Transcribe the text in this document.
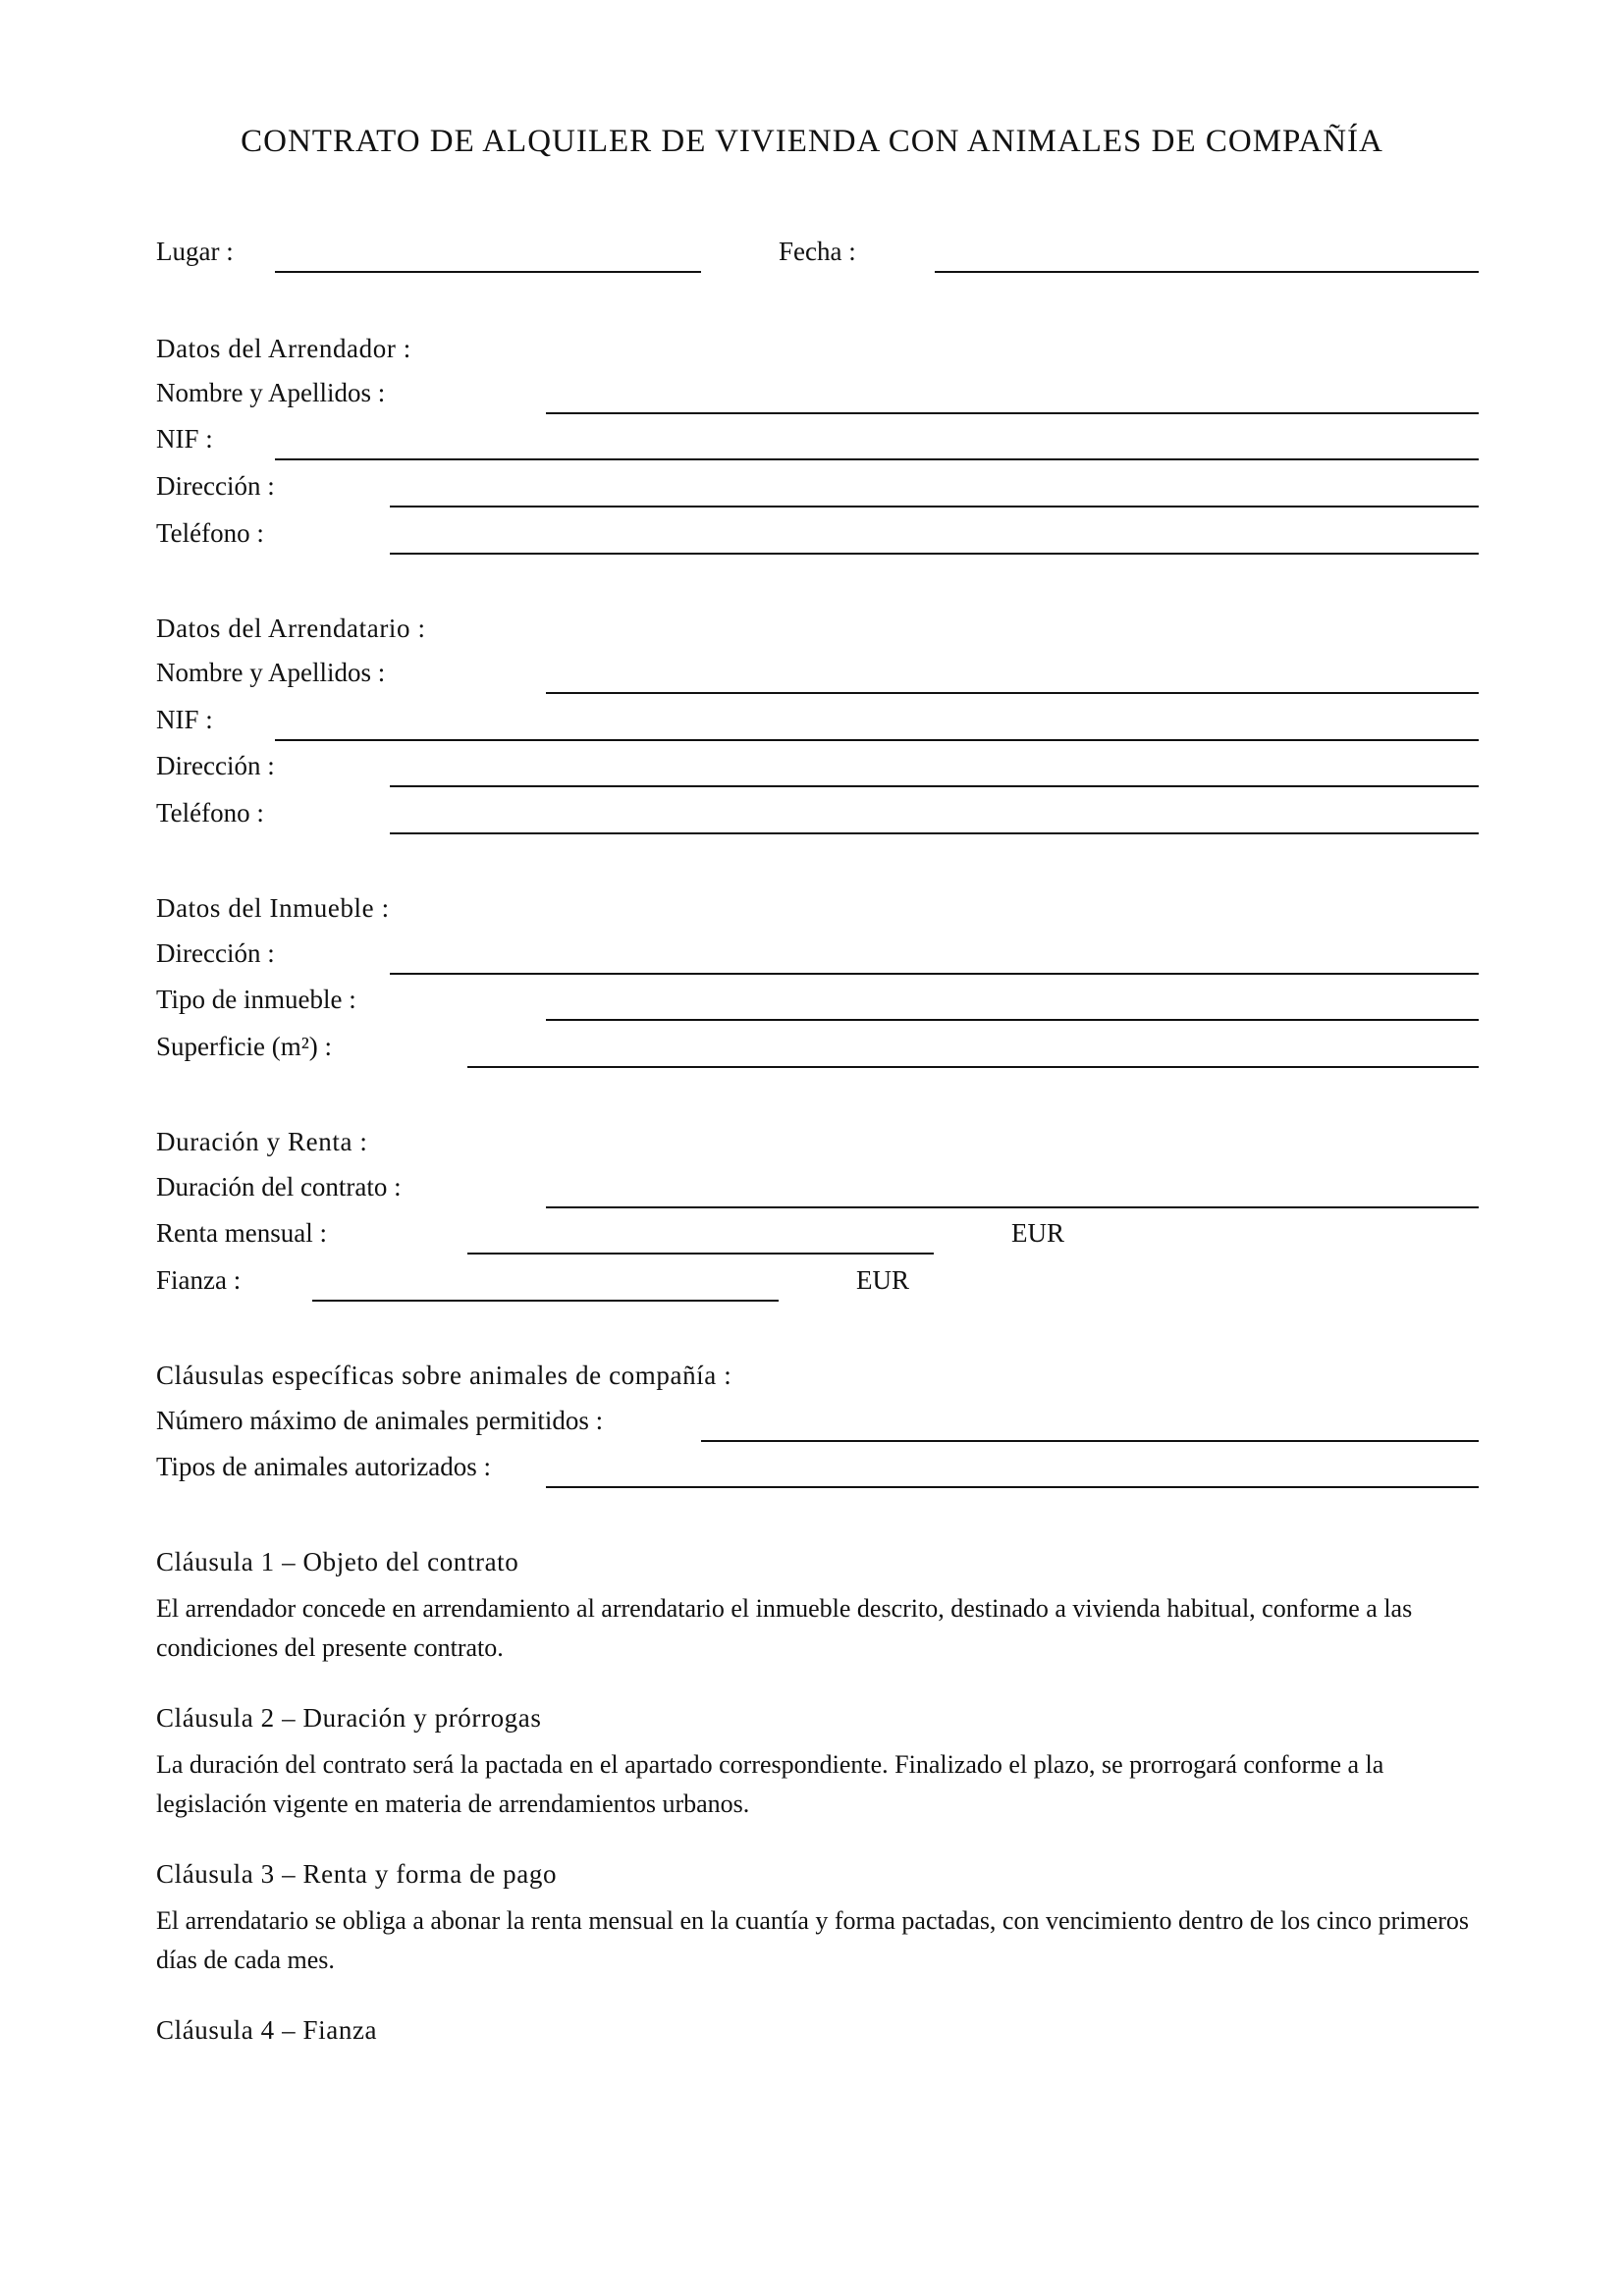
CONTRATO DE ALQUILER DE VIVIENDA CON ANIMALES DE COMPAÑÍA
Lugar :	Fecha :
Datos del Arrendador :
Nombre y Apellidos :
NIF :
Dirección :
Teléfono :
Datos del Arrendatario :
Nombre y Apellidos :
NIF :
Dirección :
Teléfono :
Datos del Inmueble :
Dirección :
Tipo de inmueble :
Superficie (m²) :
Duración y Renta :
Duración del contrato :
Renta mensual :	EUR
Fianza :	EUR
Cláusulas específicas sobre animales de compañía :
Número máximo de animales permitidos :
Tipos de animales autorizados :
Cláusula 1 – Objeto del contrato
El arrendador concede en arrendamiento al arrendatario el inmueble descrito, destinado a vivienda habitual, conforme a las condiciones del presente contrato.
Cláusula 2 – Duración y prórrogas
La duración del contrato será la pactada en el apartado correspondiente. Finalizado el plazo, se prorrogará conforme a la legislación vigente en materia de arrendamientos urbanos.
Cláusula 3 – Renta y forma de pago
El arrendatario se obliga a abonar la renta mensual en la cuantía y forma pactadas, con vencimiento dentro de los cinco primeros días de cada mes.
Cláusula 4 – Fianza
